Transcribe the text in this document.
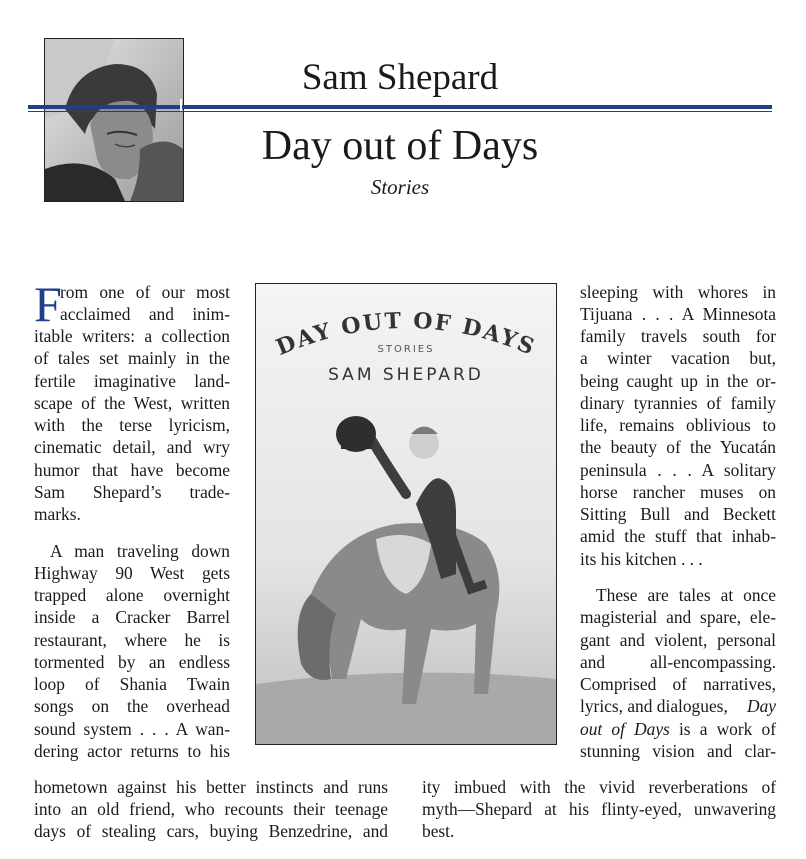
Sam Shepard
Day out of Days
Stories
DAY OUT OF DAYS
STORIES
SAM SHEPARD
F
rom one of our most
acclaimed and inim-
itable writers: a collection
of tales set mainly in the
fertile imaginative land-
scape of the West, written
with the terse lyricism,
cinematic detail, and wry
humor that have become
Sam Shepard’s trade-
marks.
A man traveling down
Highway 90 West gets
trapped alone overnight
inside a Cracker Barrel
restaurant, where he is
tormented by an endless
loop of Shania Twain
songs on the overhead
sound system . . . A wan-
dering actor returns to his
hometown against his better instincts and runs
into an old friend, who recounts their teenage
days of stealing cars, buying Benzedrine, and
sleeping with whores in
Tijuana . . . A Minnesota
family travels south for
a winter vacation but,
being caught up in the or-
dinary tyrannies of family
life, remains oblivious to
the beauty of the Yucatán
peninsula . . . A solitary
horse rancher muses on
Sitting Bull and Beckett
amid the stuff that inhab-
its his kitchen . . .
These are tales at once
magisterial and spare, ele-
gant and violent, personal
and all-encompassing.
Comprised of narratives,
lyrics, and dialogues, Day
out of Days is a work of
stunning vision and clar-
ity imbued with the vivid reverberations of
myth—Shepard at his flinty-eyed, unwavering
best.
